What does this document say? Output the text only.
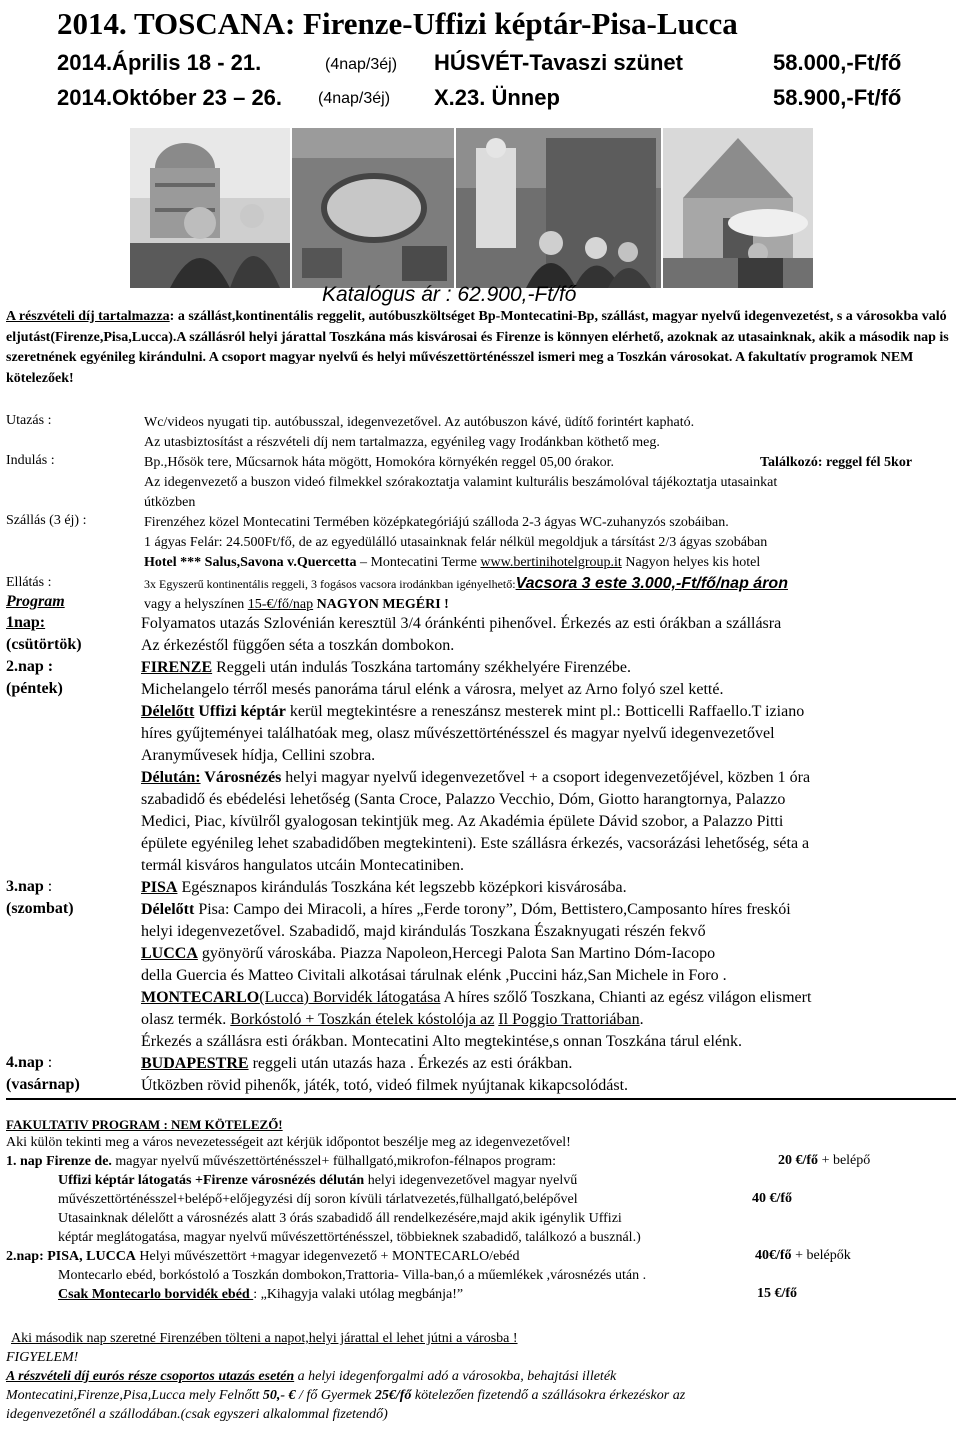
2014. TOSCANA: Firenze-Uffizi képtár-Pisa-Lucca
2014.Április 18 - 21.	(4nap/3éj) HÚSVÉT-Tavaszi szünet	58.000,-Ft/fő
2014.Október 23 – 26. (4nap/3éj) X.23. Ünnep	58.900,-Ft/fő
Katalógus ár : 62.900,-Ft/fő
A részvételi díj tartalmazza: a szállást,kontinentális reggelit, autóbuszköltséget Bp-Montecatini-Bp, szállást, magyar nyelvű idegenvezetést, s a városokba való eljutást(Firenze,Pisa,Lucca).A szállásról helyi járattal Toszkána más kisvárosai és Firenze is könnyen elérhető, azoknak az utasainknak, akik a második nap is szeretnének egyénileg kirándulni. A csoport magyar nyelvű és helyi művészettörténésszel ismeri meg a Toszkán városokat. A fakultatív programok NEM kötelezőek!
Utazás :	Wc/videos nyugati tip. autóbusszal, idegenvezetővel. Az autóbuszon kávé, üdítő forintért kapható.
Az utasbiztosítást a részvételi díj nem tartalmazza, egyénileg vagy Irodánkban köthető meg.
Indulás :	Bp.,Hősök tere, Műcsarnok háta mögött, Homokóra környékén reggel 05,00 órakor.	Találkozó: reggel fél 5kor
Az idegenvezető a buszon videó filmekkel szórakoztatja valamint kulturális beszámolóval tájékoztatja utasainkat
útközben
Szállás (3 éj) :	Firenzéhez közel Montecatini Termében középkategóriájú szálloda 2-3 ágyas WC-zuhanyzós szobáiban.
1 ágyas Felár: 24.500Ft/fő, de az egyedülálló utasainknak felár nélkül megoldjuk a társítást 2/3 ágyas szobában
Hotel *** Salus,Savona v.Quercetta – Montecatini Terme www.bertinihotelgroup.it Nagyon helyes kis hotel
Ellátás :	3x Egyszerű kontinentális reggeli, 3 fogásos vacsora irodánkban igényelhető:Vacsora 3 este 3.000,-Ft/fő/nap áron
vagy a helyszínen 15-€/fő/nap NAGYON MEGÉRI !
Program
1nap:
(csütörtök)
Folyamatos utazás Szlovénián keresztül 3/4 óránkénti pihenővel. Érkezés az esti órákban a szállásra
Az érkezéstől függően séta a toszkán dombokon.
2.nap :
(péntek)
FIRENZE Reggeli után indulás Toszkána tartomány székhelyére Firenzébe.
Michelangelo térről mesés panoráma tárul elénk a városra, melyet az Arno folyó szel ketté.
Délelőtt Uffizi képtár kerül megtekintésre a reneszánsz mesterek mint pl.: Botticelli Raffaello.T iziano
híres gyűjteményei találhatóak meg, olasz művészettörténésszel és magyar nyelvű idegenvezetővel
Aranyművesek hídja, Cellini szobra.
Délután: Városnézés helyi magyar nyelvű idegenvezetővel + a csoport idegenvezetőjével, közben 1 óra
szabadidő és ebédelési lehetőség (Santa Croce, Palazzo Vecchio, Dóm, Giotto harangtornya, Palazzo
Medici, Piac, kívülről gyalogosan tekintjük meg. Az Akadémia épülete Dávid szobor, a Palazzo Pitti
épülete egyénileg lehet szabadidőben megtekinteni). Este szállásra érkezés, vacsorázási lehetőség, séta a
termál kisváros hangulatos utcáin Montecatiniben.
3.nap :
(szombat)
PISA Egésznapos kirándulás Toszkána két legszebb középkori kisvárosába.
Délelőtt Pisa: Campo dei Miracoli, a híres „Ferde torony”, Dóm, Bettistero,Camposanto híres freskói
helyi idegenvezetővel. Szabadidő, majd kirándulás Toszkana Északnyugati részén fekvő
LUCCA gyönyörű városkába. Piazza Napoleon,Hercegi Palota San Martino Dóm-Iacopo
della Guercia és Matteo Civitali alkotásai tárulnak elénk ,Puccini ház,San Michele in Foro .
MONTECARLO(Lucca) Borvidék látogatása A híres szőlő Toszkana, Chianti az egész világon elismert
olasz termék. Borkóstoló + Toszkán ételek kóstolója az Il Poggio Trattoriában.
Érkezés a szállásra esti órákban. Montecatini Alto megtekintése,s onnan Toszkána tárul elénk.
4.nap :
(vasárnap)
BUDAPESTRE reggeli után utazás haza . Érkezés az esti órákban.
Útközben rövid pihenők, játék, totó, videó filmek nyújtanak kikapcsolódást.
FAKULTATIV PROGRAM : NEM KÖTELEZŐ!
Aki külön tekinti meg a város nevezetességeit azt kérjük időpontot beszélje meg az idegenvezetővel!
1. nap Firenze de. magyar nyelvű művészettörténésszel+ fülhallgató,mikrofon-félnapos program:	20 €/fő + belépő
Uffizi képtár látogatás +Firenze városnézés délután helyi idegenvezetővel magyar nyelvű
művészettörténésszel+belépő+előjegyzési díj soron kívüli tárlatvezetés,fülhallgató,belépővel	40 €/fő
Utasainknak délelőtt a városnézés alatt 3 órás szabadidő áll rendelkezésére,majd akik igénylik Uffizi
képtár meglátogatása, magyar nyelvű művészettörténésszel, többieknek szabadidő, találkozó a busznál.)
2.nap: PISA, LUCCA Helyi művészettört +magyar idegenvezető + MONTECARLO/ebéd	40€/fő + belépők
Montecarlo ebéd, borkóstoló a Toszkán dombokon,Trattoria- Villa-ban,ó a műemlékek ,városnézés után .
Csak Montecarlo borvidék ebéd : „Kihagyja valaki utólag megbánja!”	15 €/fő
Aki második nap szeretné Firenzében tölteni a napot,helyi járattal el lehet jútni a városba !
FIGYELEM!
A részvételi díj eurós része csoportos utazás esetén a helyi idegenforgalmi adó a városokba, behajtási illeték
Montecatini,Firenze,Pisa,Lucca mely Felnőtt 50,- € / fő Gyermek 25€/fő kötelezően fizetendő a szállásokra érkezéskor az
idegenvezetőnél a szállodában.(csak egyszeri alkalommal fizetendő)
